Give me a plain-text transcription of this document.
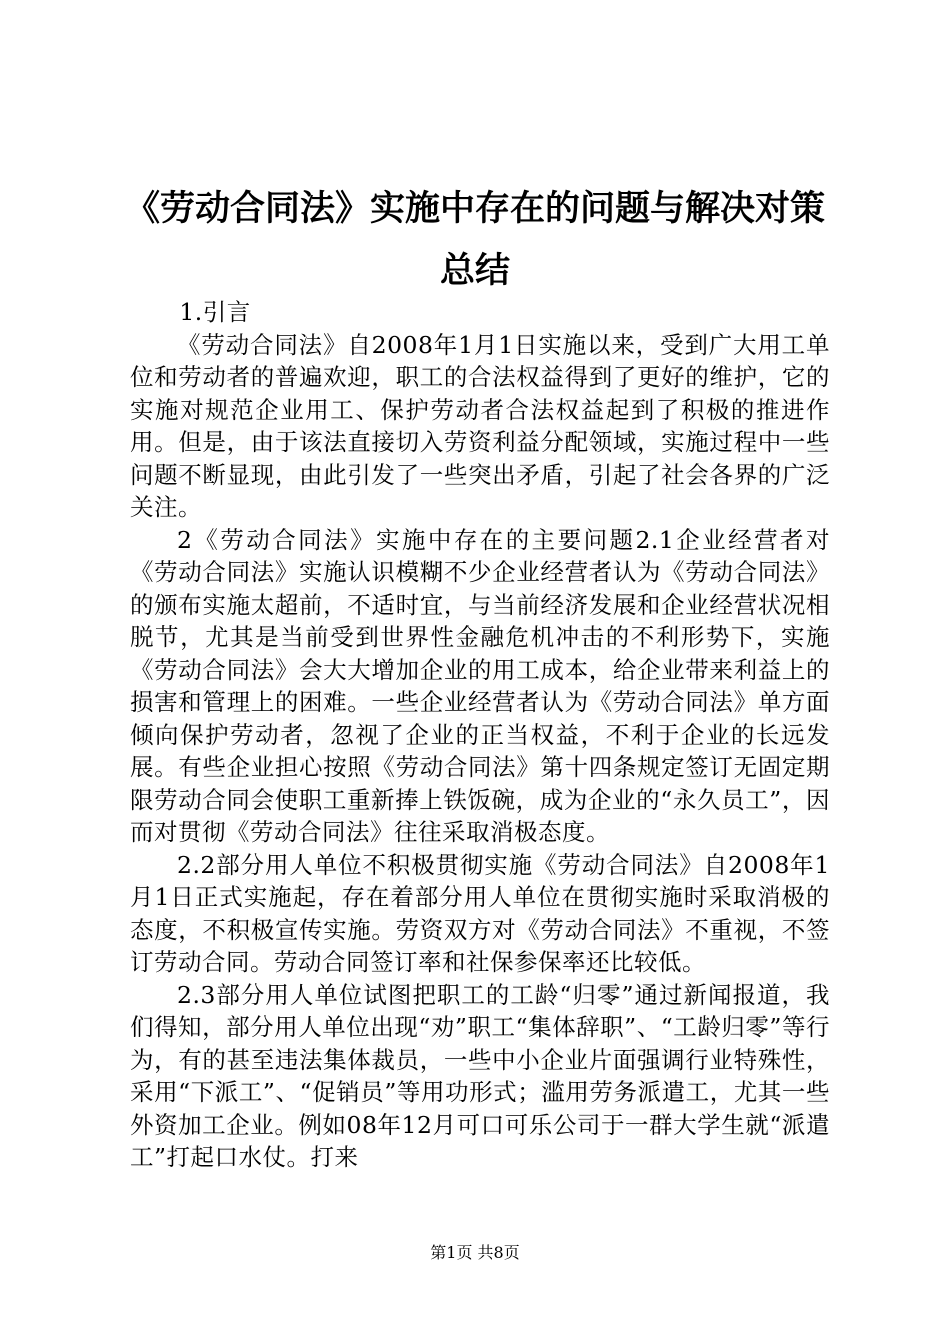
《劳动合同法》实施中存在的问题与解决对策
总结

1.引言

《劳动合同法》自2008年1月1日实施以来，受到广大用工单位和劳动者的普遍欢迎，职工的合法权益得到了更好的维护，它的实施对规范企业用工、保护劳动者合法权益起到了积极的推进作用。但是，由于该法直接切入劳资利益分配领域，实施过程中一些问题不断显现，由此引发了一些突出矛盾，引起了社会各界的广泛关注。

2《劳动合同法》实施中存在的主要问题2.1企业经营者对《劳动合同法》实施认识模糊不少企业经营者认为《劳动合同法》的颁布实施太超前，不适时宜，与当前经济发展和企业经营状况相脱节，尤其是当前受到世界性金融危机冲击的不利形势下，实施《劳动合同法》会大大增加企业的用工成本，给企业带来利益上的损害和管理上的困难。一些企业经营者认为《劳动合同法》单方面倾向保护劳动者，忽视了企业的正当权益，不利于企业的长远发展。有些企业担心按照《劳动合同法》第十四条规定签订无固定期限劳动合同会使职工重新捧上铁饭碗，成为企业的“永久员工”，因而对贯彻《劳动合同法》往往采取消极态度。

2.2部分用人单位不积极贯彻实施《劳动合同法》自2008年1月1日正式实施起，存在着部分用人单位在贯彻实施时采取消极的态度，不积极宣传实施。劳资双方对《劳动合同法》不重视，不签订劳动合同。劳动合同签订率和社保参保率还比较低。

2.3部分用人单位试图把职工的工龄“归零”通过新闻报道，我们得知，部分用人单位出现“劝”职工“集体辞职”、“工龄归零”等行为，有的甚至违法集体裁员，一些中小企业片面强调行业特殊性，采用“下派工”、“促销员”等用功形式；滥用劳务派遣工，尤其一些外资加工企业。例如08年12月可口可乐公司于一群大学生就“派遣工”打起口水仗。打来

第1页 共8页
